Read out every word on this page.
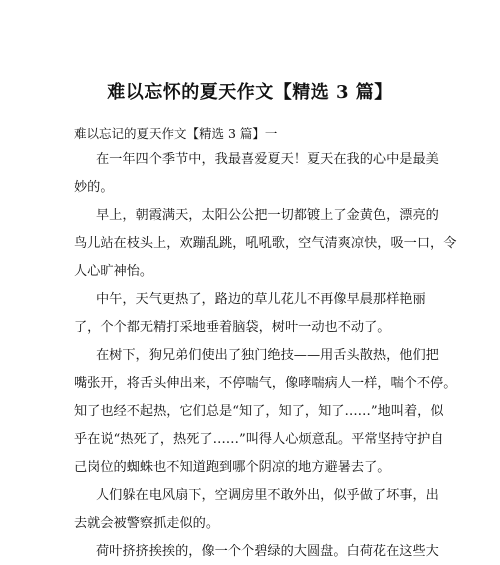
难以忘怀的夏天作文【精选 3 篇】
难以忘记的夏天作文【精选 3 篇】一
在一年四个季节中，我最喜爱夏天！夏天在我的心中是最美
妙的。
早上，朝霞满天，太阳公公把一切都镀上了金黄色，漂亮的
鸟儿站在枝头上，欢蹦乱跳，吼吼歌，空气清爽凉快，吸一口，令
人心旷神怡。
中午，天气更热了，路边的草儿花儿不再像早晨那样艳丽
了，个个都无精打采地垂着脑袋，树叶一动也不动了。
在树下，狗兄弟们使出了独门绝技——用舌头散热，他们把
嘴张开，将舌头伸出来，不停喘气，像哮喘病人一样，喘个不停。
知了也经不起热，它们总是“知了，知了，知了……”地叫着，似
乎在说“热死了，热死了……”叫得人心烦意乱。平常坚持守护自
己岗位的蜘蛛也不知道跑到哪个阴凉的地方避暑去了。
人们躲在电风扇下，空调房里不敢外出，似乎做了坏事，出
去就会被警察抓走似的。
荷叶挤挤挨挨的，像一个个碧绿的大圆盘。白荷花在这些大
